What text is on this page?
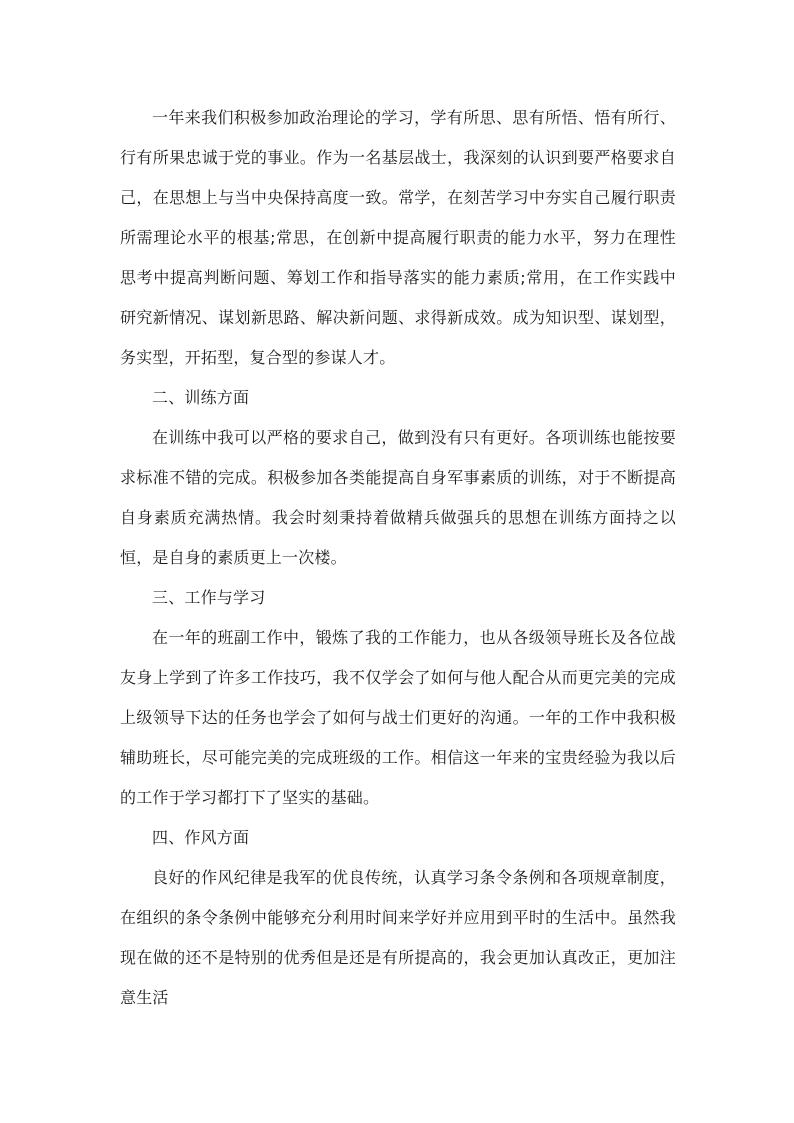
一年来我们积极参加政治理论的学习，学有所思、思有所悟、悟有所行、行有所果忠诚于党的事业。作为一名基层战士，我深刻的认识到要严格要求自己，在思想上与当中央保持高度一致。常学，在刻苦学习中夯实自己履行职责所需理论水平的根基;常思，在创新中提高履行职责的能力水平，努力在理性思考中提高判断问题、筹划工作和指导落实的能力素质;常用，在工作实践中研究新情况、谋划新思路、解决新问题、求得新成效。成为知识型、谋划型，务实型，开拓型，复合型的参谋人才。

二、训练方面

在训练中我可以严格的要求自己，做到没有只有更好。各项训练也能按要求标准不错的完成。积极参加各类能提高自身军事素质的训练，对于不断提高自身素质充满热情。我会时刻秉持着做精兵做强兵的思想在训练方面持之以恒，是自身的素质更上一次楼。

三、工作与学习

在一年的班副工作中，锻炼了我的工作能力，也从各级领导班长及各位战友身上学到了许多工作技巧，我不仅学会了如何与他人配合从而更完美的完成上级领导下达的任务也学会了如何与战士们更好的沟通。一年的工作中我积极辅助班长，尽可能完美的完成班级的工作。相信这一年来的宝贵经验为我以后的工作于学习都打下了坚实的基础。

四、作风方面

良好的作风纪律是我军的优良传统，认真学习条令条例和各项规章制度，在组织的条令条例中能够充分利用时间来学好并应用到平时的生活中。虽然我现在做的还不是特别的优秀但是还是有所提高的，我会更加认真改正，更加注意生活
